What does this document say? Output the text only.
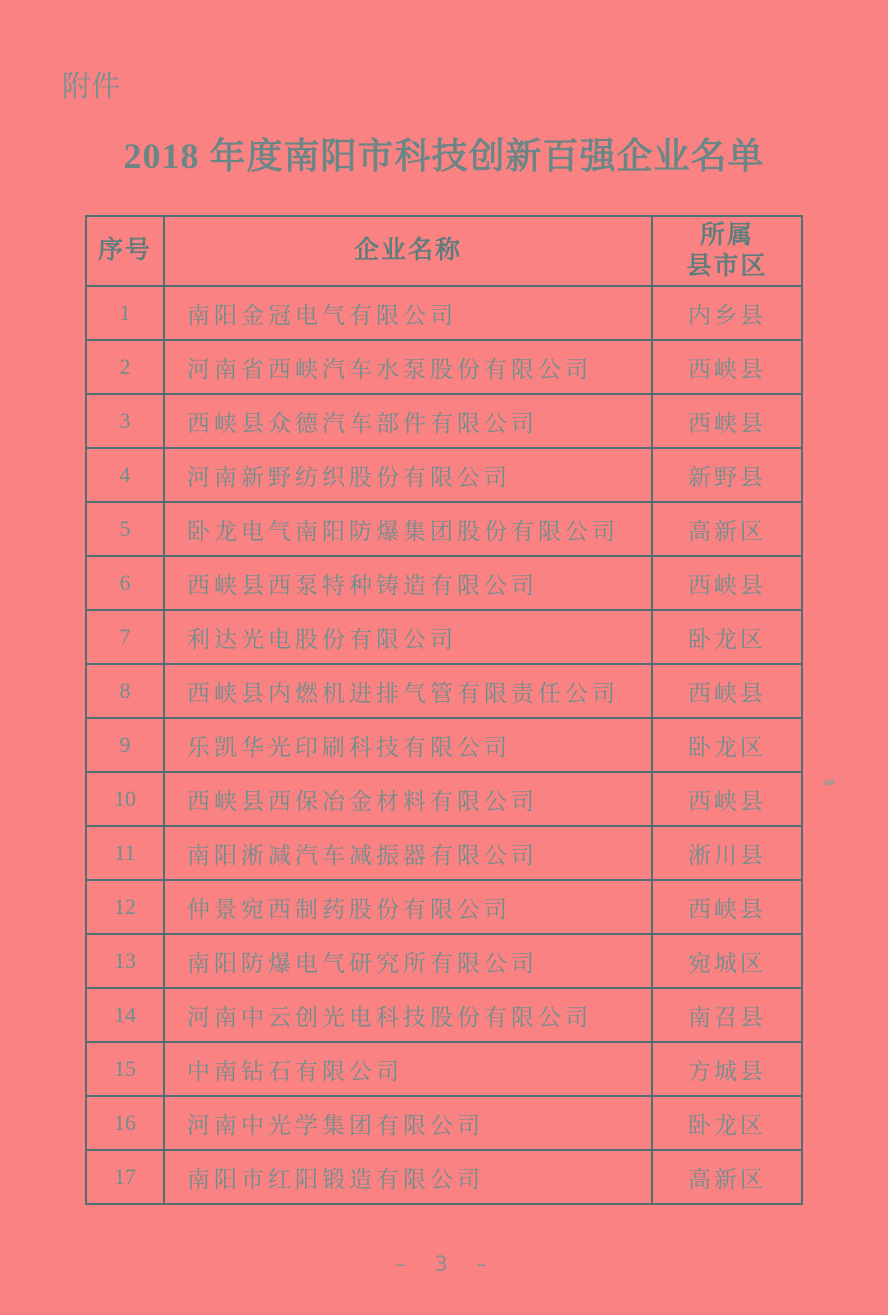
附件
2018 年度南阳市科技创新百强企业名单
序号	企业名称	所属
县市区
1	南阳金冠电气有限公司	内乡县
2	河南省西峡汽车水泵股份有限公司	西峡县
3	西峡县众德汽车部件有限公司	西峡县
4	河南新野纺织股份有限公司	新野县
5	卧龙电气南阳防爆集团股份有限公司	高新区
6	西峡县西泵特种铸造有限公司	西峡县
7	利达光电股份有限公司	卧龙区
8	西峡县内燃机进排气管有限责任公司	西峡县
9	乐凯华光印刷科技有限公司	卧龙区
10	西峡县西保冶金材料有限公司	西峡县
11	南阳淅减汽车减振器有限公司	淅川县
12	仲景宛西制药股份有限公司	西峡县
13	南阳防爆电气研究所有限公司	宛城区
14	河南中云创光电科技股份有限公司	南召县
15	中南钻石有限公司	方城县
16	河南中光学集团有限公司	卧龙区
17	南阳市红阳锻造有限公司	高新区
– 3 –
